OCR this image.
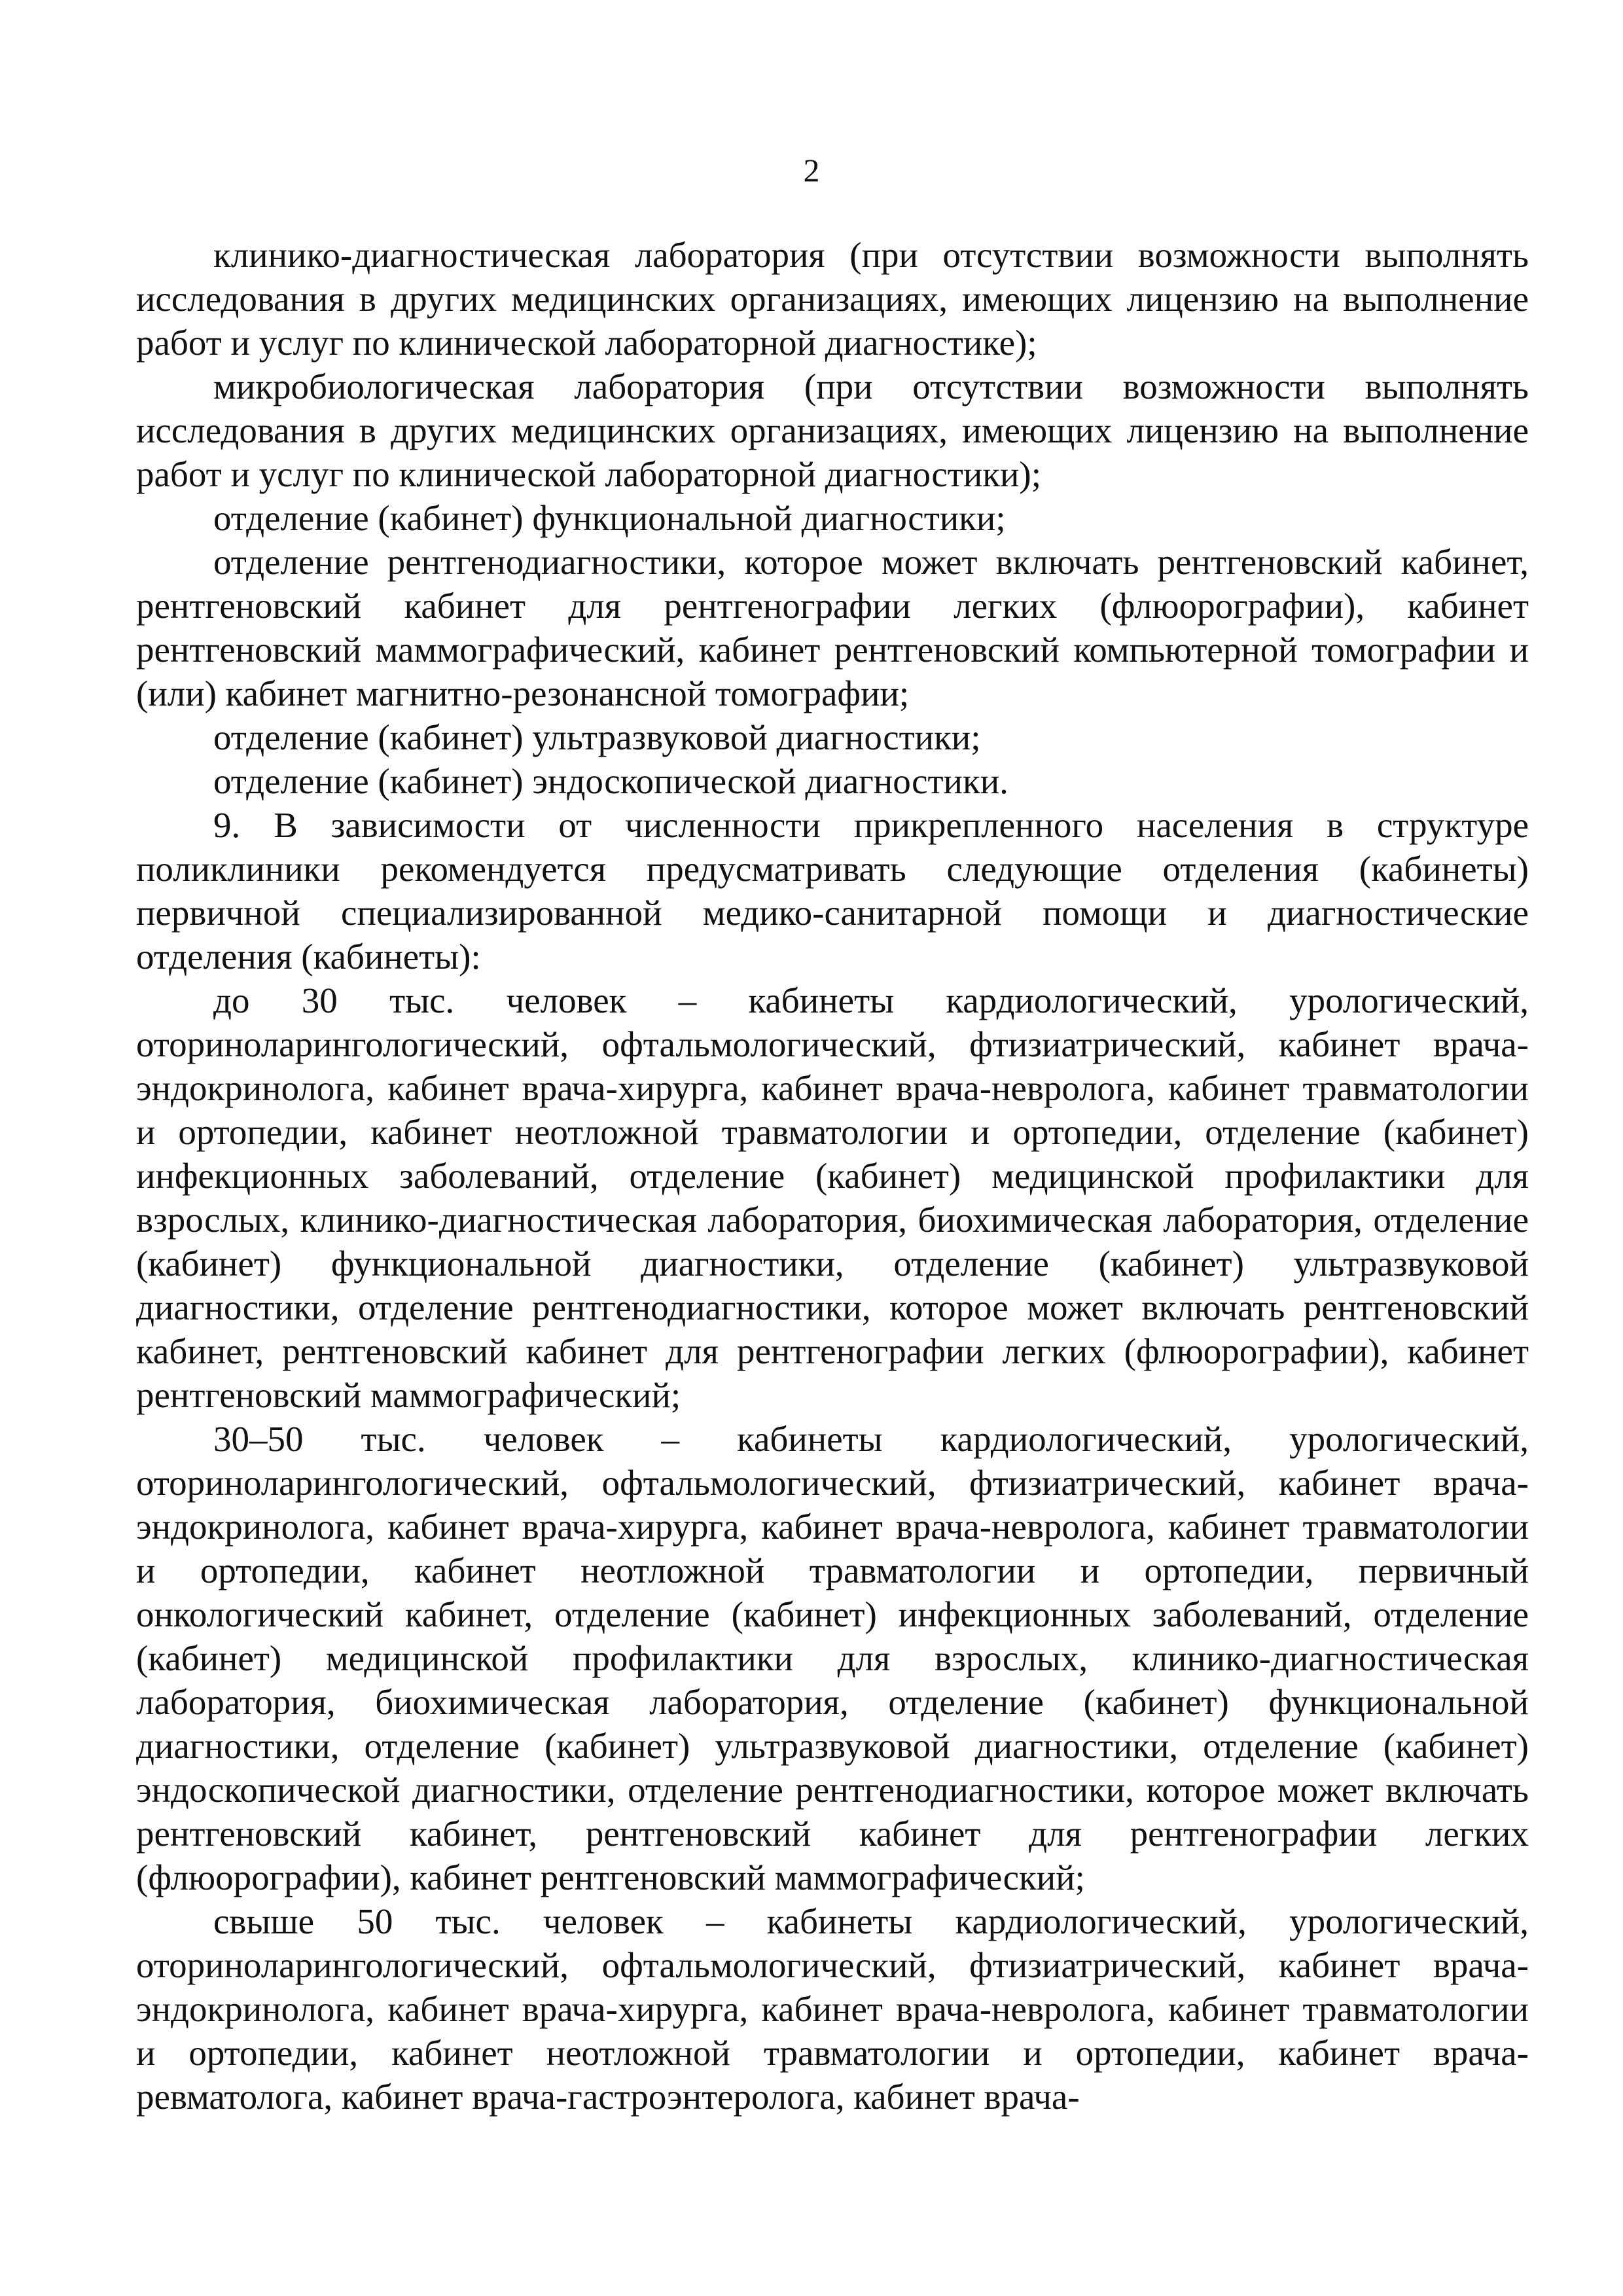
2

клинико-диагностическая лаборатория (при отсутствии возможности выполнять исследования в других медицинских организациях, имеющих лицензию на выполнение работ и услуг по клинической лабораторной диагностике);

микробиологическая лаборатория (при отсутствии возможности выполнять исследования в других медицинских организациях, имеющих лицензию на выполнение работ и услуг по клинической лабораторной диагностики);

отделение (кабинет) функциональной диагностики;

отделение рентгенодиагностики, которое может включать рентгеновский кабинет, рентгеновский кабинет для рентгенографии легких (флюорографии), кабинет рентгеновский маммографический, кабинет рентгеновский компьютерной томографии и (или) кабинет магнитно-резонансной томографии;

отделение (кабинет) ультразвуковой диагностики;

отделение (кабинет) эндоскопической диагностики.

9. В зависимости от численности прикрепленного населения в структуре поликлиники рекомендуется предусматривать следующие отделения (кабинеты) первичной специализированной медико-санитарной помощи и диагностические отделения (кабинеты):

до 30 тыс. человек – кабинеты кардиологический, урологический, оториноларингологический, офтальмологический, фтизиатрический, кабинет врача-эндокринолога, кабинет врача-хирурга, кабинет врача-невролога, кабинет травматологии и ортопедии, кабинет неотложной травматологии и ортопедии, отделение (кабинет) инфекционных заболеваний, отделение (кабинет) медицинской профилактики для взрослых, клинико-диагностическая лаборатория, биохимическая лаборатория, отделение (кабинет) функциональной диагностики, отделение (кабинет) ультразвуковой диагностики, отделение рентгенодиагностики, которое может включать рентгеновский кабинет, рентгеновский кабинет для рентгенографии легких (флюорографии), кабинет рентгеновский маммографический;

30–50 тыс. человек – кабинеты кардиологический, урологический, оториноларингологический, офтальмологический, фтизиатрический, кабинет врача-эндокринолога, кабинет врача-хирурга, кабинет врача-невролога, кабинет травматологии и ортопедии, кабинет неотложной травматологии и ортопедии, первичный онкологический кабинет, отделение (кабинет) инфекционных заболеваний, отделение (кабинет) медицинской профилактики для взрослых, клинико-диагностическая лаборатория, биохимическая лаборатория, отделение (кабинет) функциональной диагностики, отделение (кабинет) ультразвуковой диагностики, отделение (кабинет) эндоскопической диагностики, отделение рентгенодиагностики, которое может включать рентгеновский кабинет, рентгеновский кабинет для рентгенографии легких (флюорографии), кабинет рентгеновский маммографический;

свыше 50 тыс. человек – кабинеты кардиологический, урологический, оториноларингологический, офтальмологический, фтизиатрический, кабинет врача-эндокринолога, кабинет врача-хирурга, кабинет врача-невролога, кабинет травматологии и ортопедии, кабинет неотложной травматологии и ортопедии, кабинет врача-ревматолога, кабинет врача-гастроэнтеролога, кабинет врача-
